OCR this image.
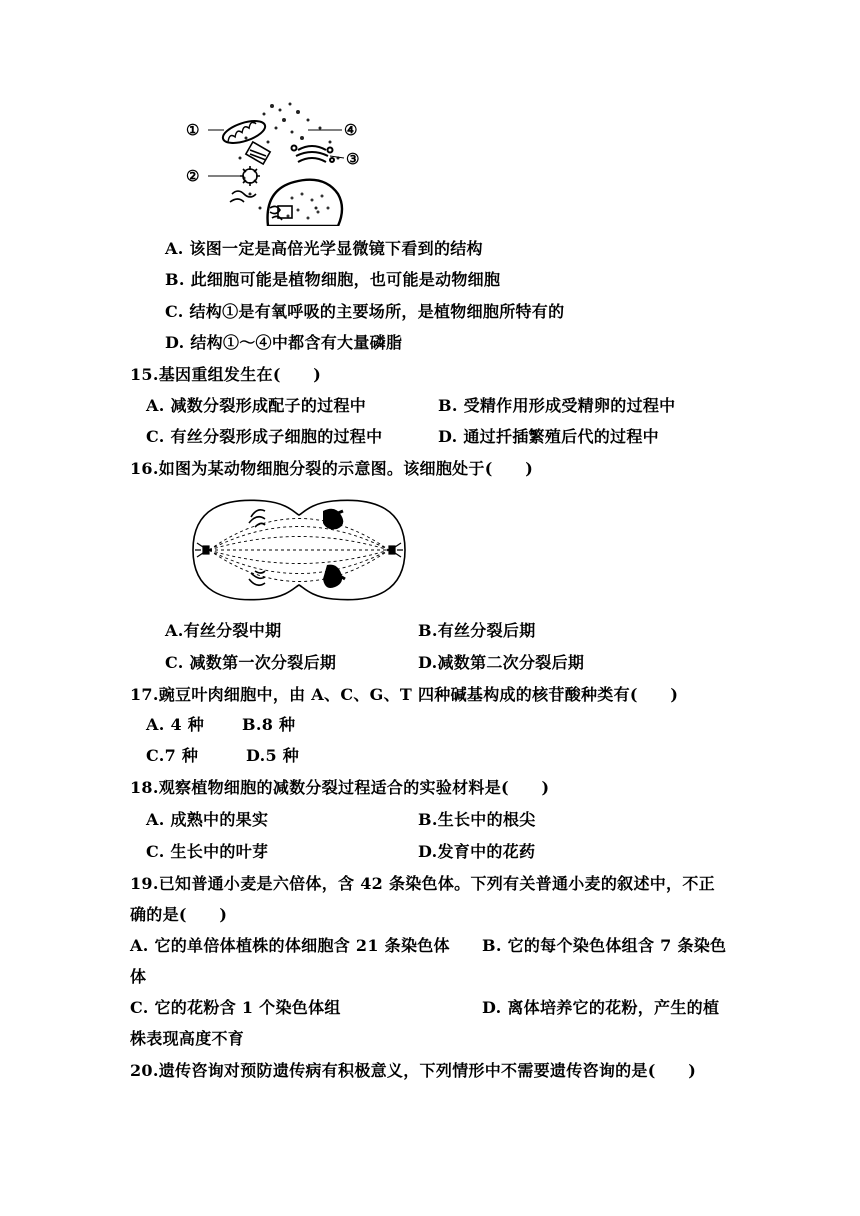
①	④
②
③
A. 该图一定是高倍光学显微镜下看到的结构
B. 此细胞可能是植物细胞，也可能是动物细胞
C. 结构①是有氧呼吸的主要场所，是植物细胞所特有的
D. 结构①～④中都含有大量磷脂
15.基因重组发生在(　　)
A. 减数分裂形成配子的过程中	B. 受精作用形成受精卵的过程中
C. 有丝分裂形成子细胞的过程中	D. 通过扦插繁殖后代的过程中
16.如图为某动物细胞分裂的示意图。该细胞处于(　　)
A.有丝分裂中期	B.有丝分裂后期
C. 减数第一次分裂后期	D.减数第二次分裂后期
17.豌豆叶肉细胞中，由 A、C、G、T 四种碱基构成的核苷酸种类有(　　)
A. 4 种 B.8 种
C.7 种	D.5 种
18.观察植物细胞的减数分裂过程适合的实验材料是(　　)
A. 成熟中的果实	B.生长中的根尖
C. 生长中的叶芽	D.发育中的花药
19.已知普通小麦是六倍体，含 42 条染色体。下列有关普通小麦的叙述中，不正
确的是(　　)
A. 它的单倍体植株的体细胞含 21 条染色体 B. 它的每个染色体组含 7 条染色
体
C. 它的花粉含 1 个染色体组	D. 离体培养它的花粉，产生的植
株表现高度不育
20.遗传咨询对预防遗传病有积极意义，下列情形中不需要遗传咨询的是(　　)
